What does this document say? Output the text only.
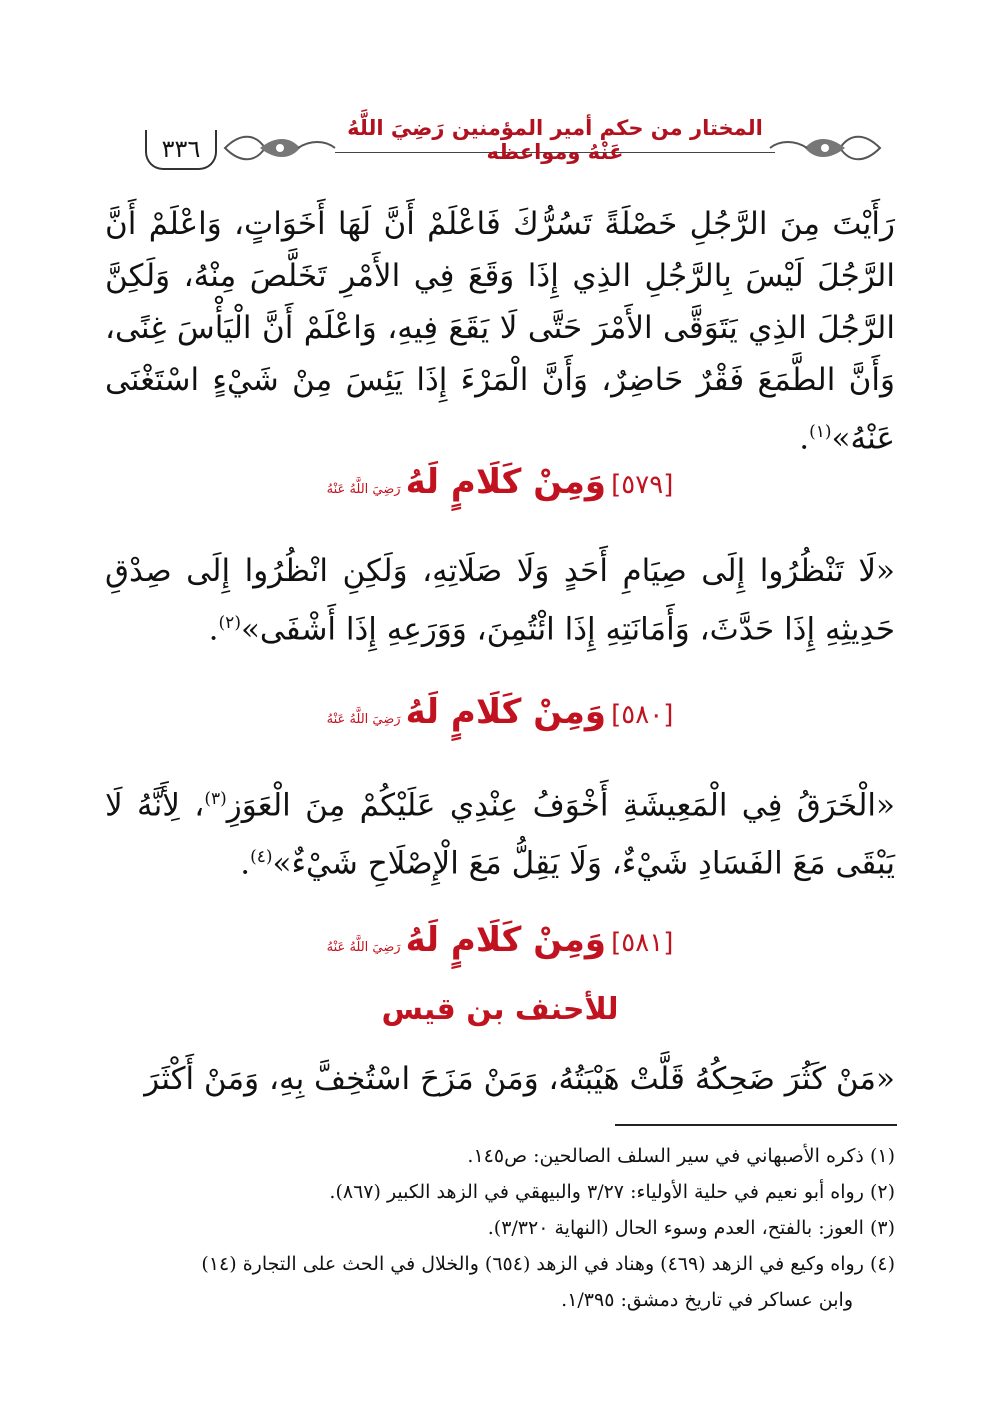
٣٣٦
المختار من حكم أمير المؤمنين رَضِيَ اللَّهُ عَنْهُ ومواعظه
رَأَيْتَ مِنَ الرَّجُلِ خَصْلَةً تَسُرُّكَ فَاعْلَمْ أَنَّ لَهَا أَخَوَاتٍ، وَاعْلَمْ أَنَّ الرَّجُلَ لَيْسَ بِالرَّجُلِ الذِي إِذَا وَقَعَ فِي الأَمْرِ تَخَلَّصَ مِنْهُ، وَلَكِنَّ الرَّجُلَ الذِي يَتَوَقَّى الأَمْرَ حَتَّى لَا يَقَعَ فِيهِ، وَاعْلَمْ أَنَّ الْيَأْسَ غِنًى، وَأَنَّ الطَّمَعَ فَقْرٌ حَاضِرٌ، وَأَنَّ الْمَرْءَ إِذَا يَئِسَ مِنْ شَيْءٍ اسْتَغْنَى عَنْهُ»$^{(١)}$.
[٥٧٩] وَمِنْ كَلَامٍ لَهُ رَضِيَ اللَّهُ عَنْهُ
«لَا تَنْظُرُوا إِلَى صِيَامِ أَحَدٍ وَلَا صَلَاتِهِ، وَلَكِنِ انْظُرُوا إِلَى صِدْقِ حَدِيثِهِ إِذَا حَدَّثَ، وَأَمَانَتِهِ إِذَا ائْتُمِنَ، وَوَرَعِهِ إِذَا أَشْفَى»$^{(٢)}$.
[٥٨٠] وَمِنْ كَلَامٍ لَهُ رَضِيَ اللَّهُ عَنْهُ
«الْخَرَقُ فِي الْمَعِيشَةِ أَخْوَفُ عِنْدِي عَلَيْكُمْ مِنَ الْعَوَزِ$^{(٣)}$، لِأَنَّهُ لَا يَبْقَى مَعَ الفَسَادِ شَيْءٌ، وَلَا يَقِلُّ مَعَ الْإِصْلَاحِ شَيْءٌ»$^{(٤)}$.
[٥٨١] وَمِنْ كَلَامٍ لَهُ رَضِيَ اللَّهُ عَنْهُ
للأحنف بن قيس
«مَنْ كَثُرَ ضَحِكُهُ قَلَّتْ هَيْبَتُهُ، وَمَنْ مَزَحَ اسْتُخِفَّ بِهِ، وَمَنْ أَكْثَرَ

(١) ذكره الأصبهاني في سير السلف الصالحين: ص١٤٥.

(٢) رواه أبو نعيم في حلية الأولياء: ٣/٢٧ والبيهقي في الزهد الكبير (٨٦٧).

(٣) العوز: بالفتح، العدم وسوء الحال (النهاية ٣/٣٢٠).

(٤) رواه وكيع في الزهد (٤٦٩) وهناد في الزهد (٦٥٤) والخلال في الحث على التجارة (١٤)

وابن عساكر في تاريخ دمشق: ١/٣٩٥.
